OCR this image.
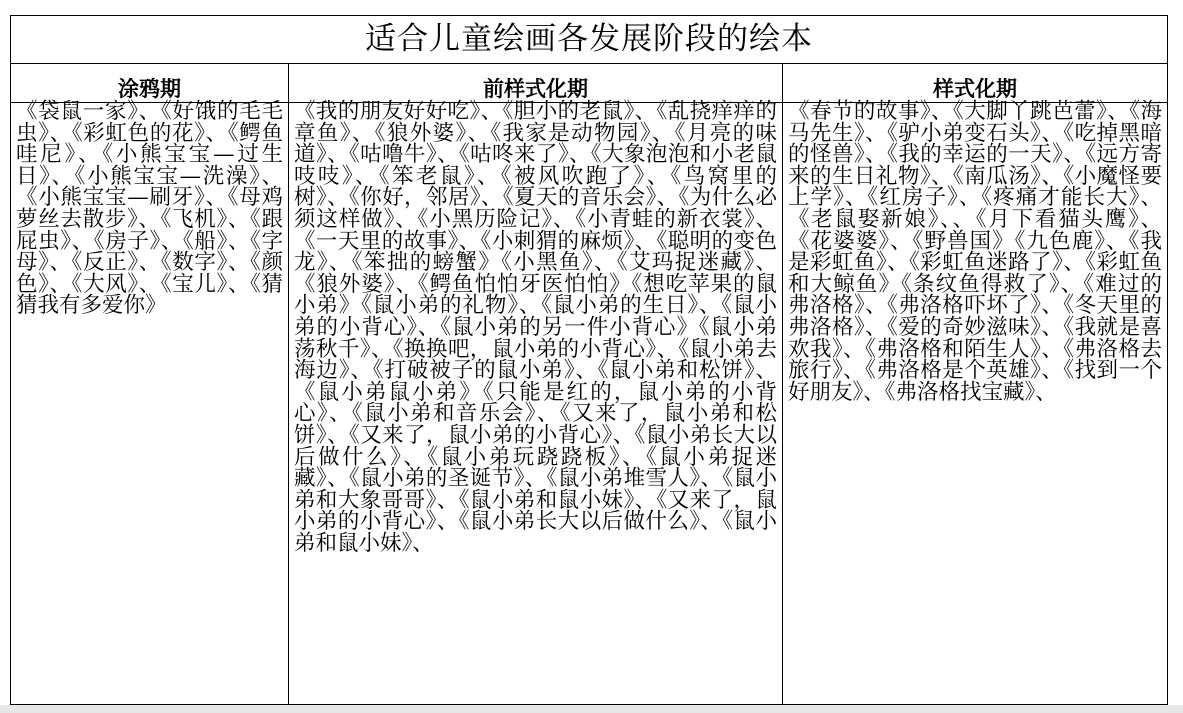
适合儿童绘画各发展阶段的绘本
涂鸦期
《袋鼠一家》、《好饿的毛毛虫》、《彩虹色的花》、《鳄鱼哇尼》、《小熊宝宝—过生日》、《小熊宝宝—洗澡》、《小熊宝宝—刷牙》、《母鸡萝丝去散步》、《飞机》、《跟屁虫》、《房子》、《船》、《字母》、《反正》、《数字》、《颜色》、《大风》、《宝儿》、《猜猜我有多爱你》
前样式化期
《我的朋友好好吃》、《胆小的老鼠》、《乱挠痒痒的章鱼》、《狼外婆》、《我家是动物园》、《月亮的味道》、《咕噜牛》、《咕咚来了》、《大象泡泡和小老鼠吱吱》、《笨老鼠》、《被风吹跑了》、《鸟窝里的树》、《你好，邻居》、《夏天的音乐会》、《为什么必须这样做》、《小黑历险记》、《小青蛙的新衣裳》、《一天里的故事》、《小刺猬的麻烦》、《聪明的变色龙》、《笨拙的螃蟹》《小黑鱼》、《艾玛捉迷藏》、《狼外婆》、《鳄鱼怕怕牙医怕怕》《想吃苹果的鼠小弟》《鼠小弟的礼物》、《鼠小弟的生日》、《鼠小弟的小背心》、《鼠小弟的另一件小背心》《鼠小弟荡秋千》、《换换吧，鼠小弟的小背心》、《鼠小弟去海边》、《打破被子的鼠小弟》、《鼠小弟和松饼》、《鼠小弟鼠小弟》《只能是红的，鼠小弟的小背心》、《鼠小弟和音乐会》、《又来了，鼠小弟和松饼》、《又来了，鼠小弟的小背心》、《鼠小弟长大以后做什么》、《鼠小弟玩跷跷板》、《鼠小弟捉迷藏》、《鼠小弟的圣诞节》、《鼠小弟堆雪人》、《鼠小弟和大象哥哥》、《鼠小弟和鼠小妹》、《又来了，鼠小弟的小背心》、《鼠小弟长大以后做什么》、《鼠小弟和鼠小妹》、
样式化期
《春节的故事》、《大脚丫跳芭蕾》、《海马先生》、《驴小弟变石头》、《吃掉黑暗的怪兽》、《我的幸运的一天》、《远方寄来的生日礼物》、《南瓜汤》、《小魔怪要上学》、《红房子》、《疼痛才能长大》、《老鼠娶新娘》、、《月下看猫头鹰》、《花婆婆》、《野兽国》《九色鹿》、《我是彩虹鱼》、《彩虹鱼迷路了》、《彩虹鱼和大鲸鱼》《条纹鱼得救了》、《难过的弗洛格》、《弗洛格吓坏了》、《冬天里的弗洛格》、《爱的奇妙滋味》、《我就是喜欢我》、《弗洛格和陌生人》、《弗洛格去旅行》、《弗洛格是个英雄》、《找到一个好朋友》、《弗洛格找宝藏》、
